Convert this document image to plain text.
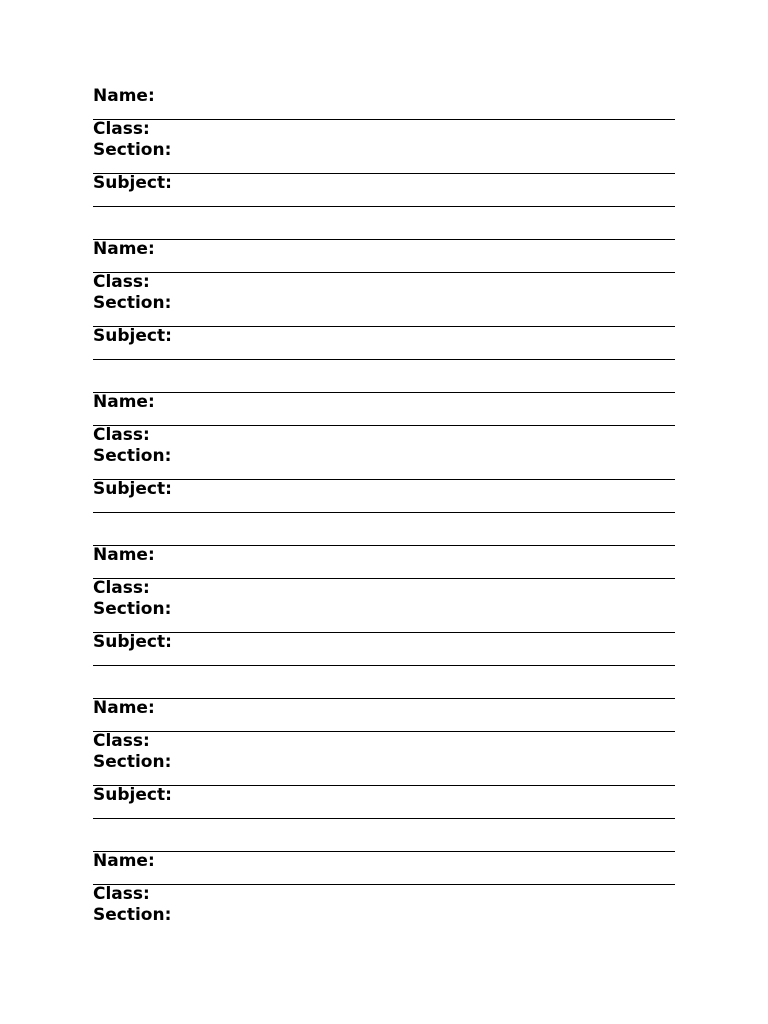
Name:
Class:
Section:
Subject:
Name:
Class:
Section:
Subject:
Name:
Class:
Section:
Subject:
Name:
Class:
Section:
Subject:
Name:
Class:
Section:
Subject:
Name:
Class:
Section:
